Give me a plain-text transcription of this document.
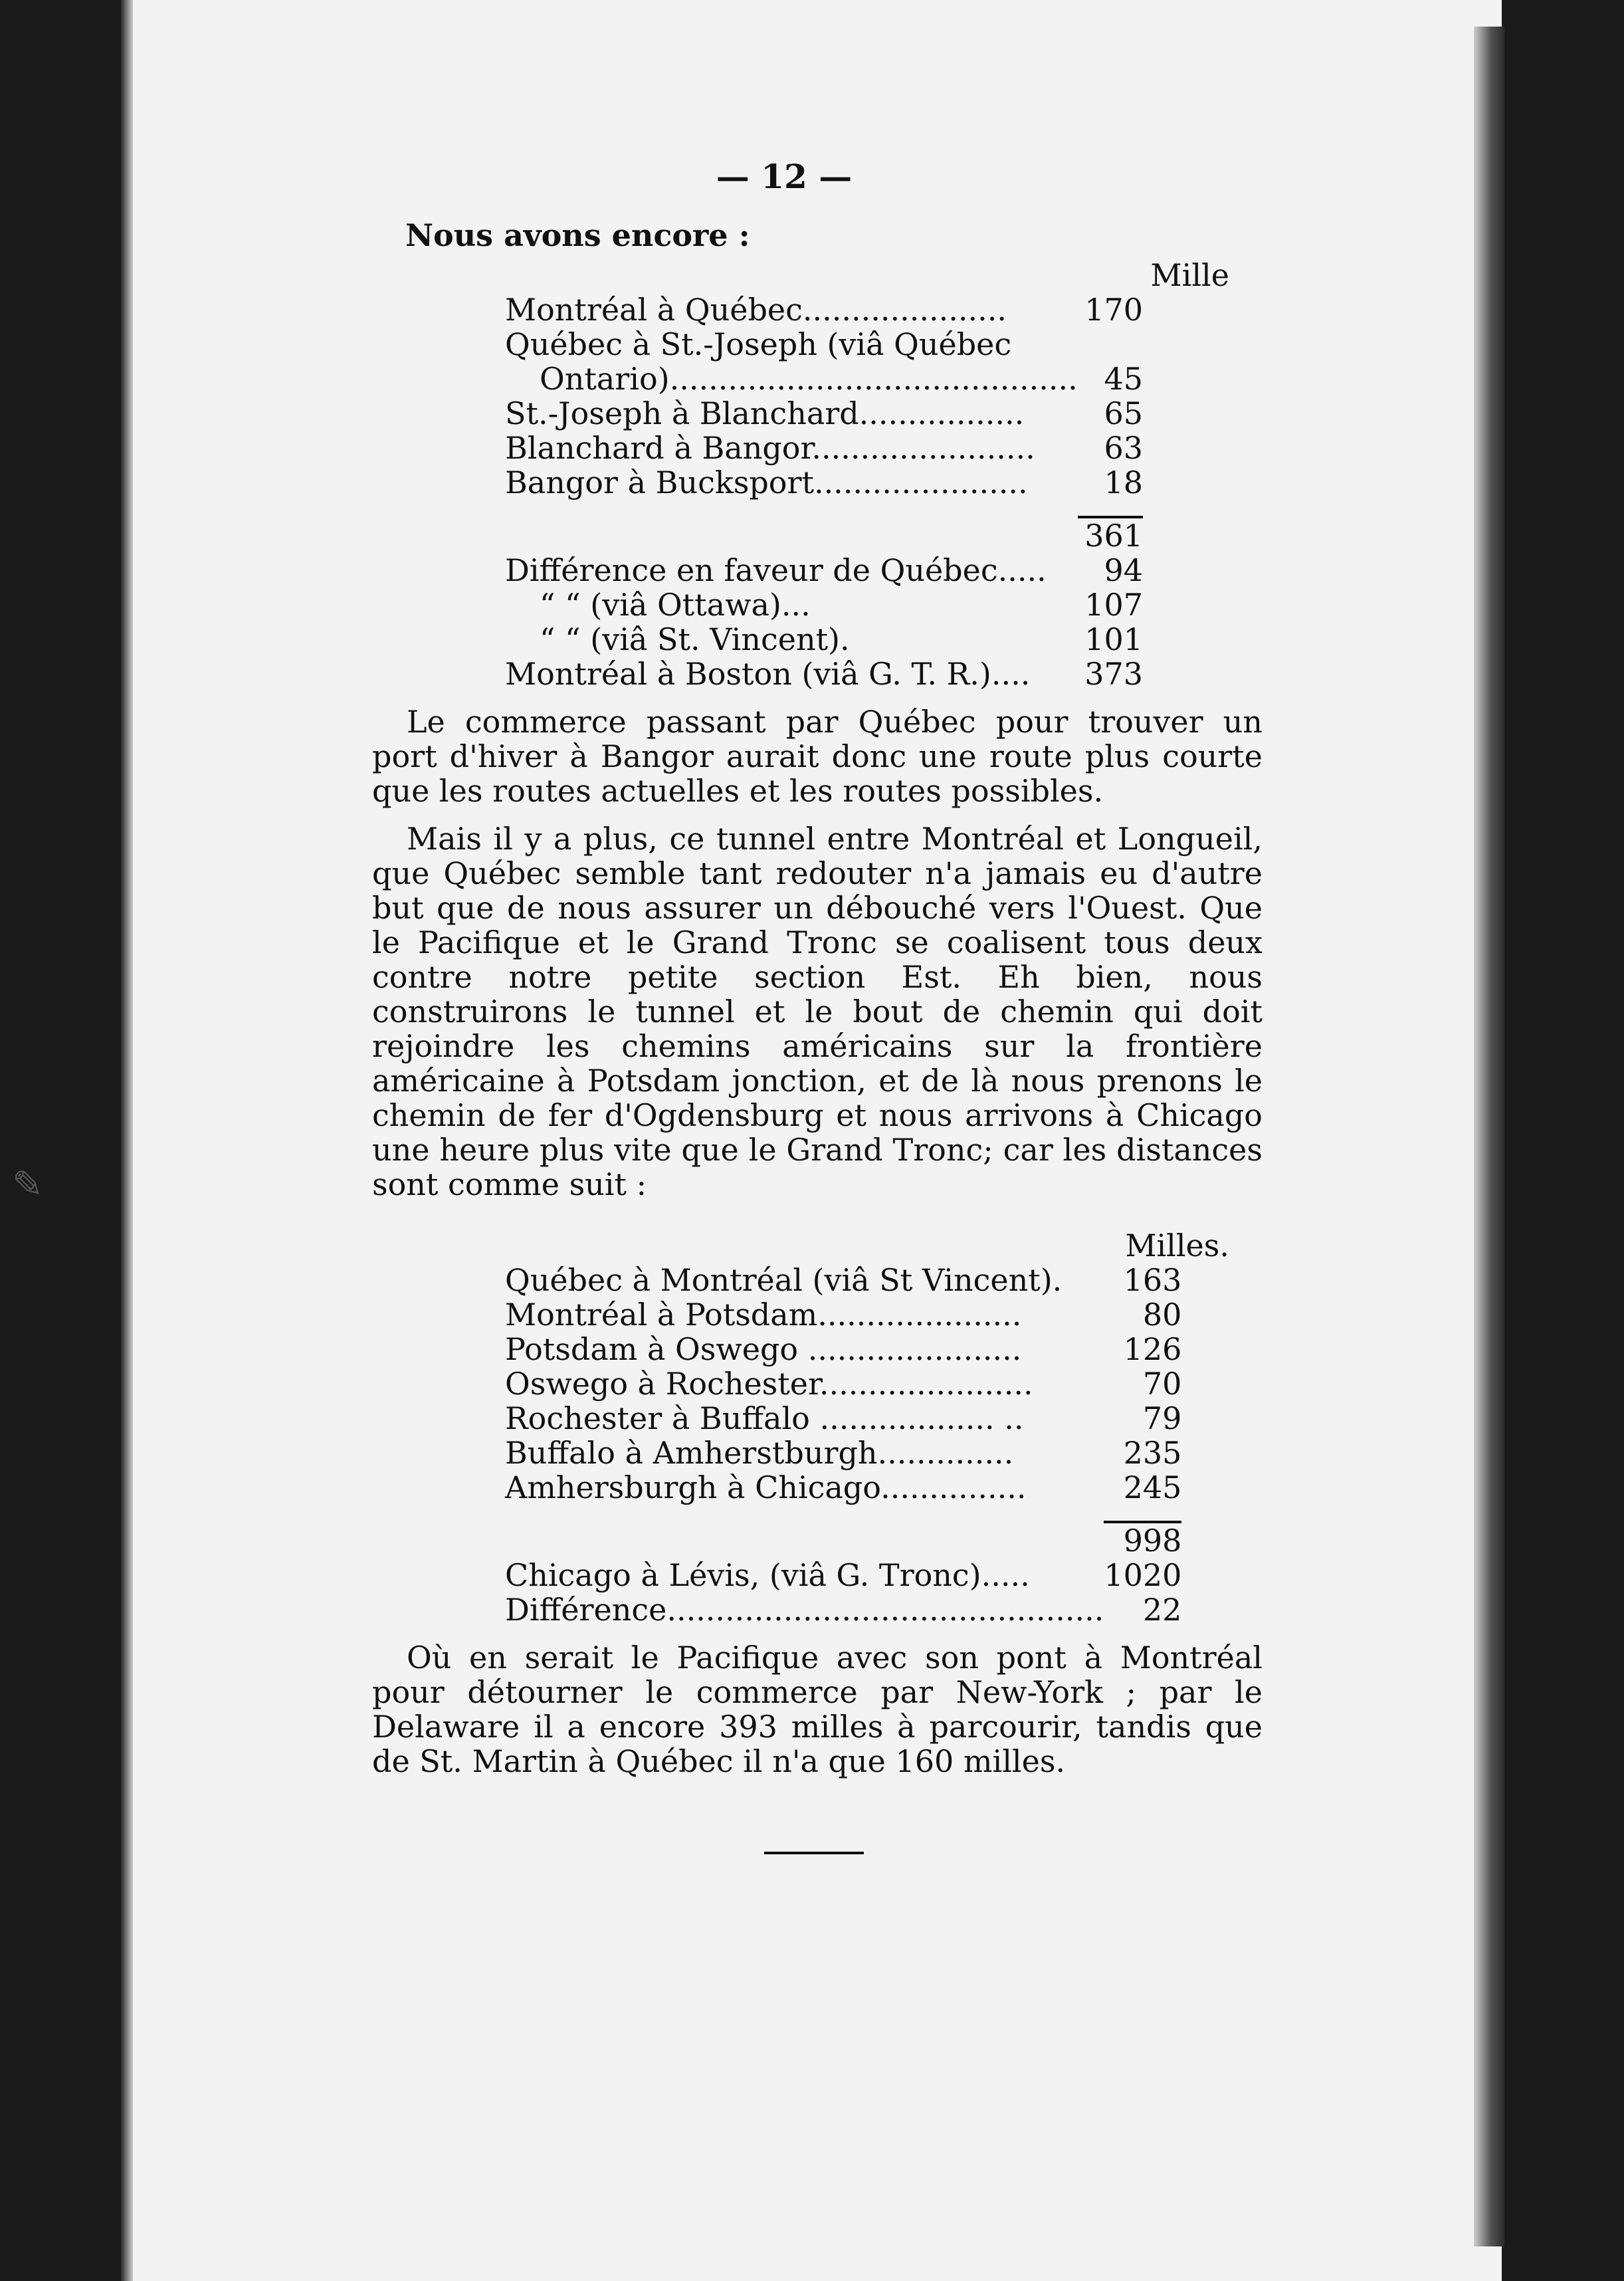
✎
— 12 —
Nous avons encore :
Mille
Montréal à Québec.....................	170
Québec à St.-Joseph (viâ Québec	
Ontario)..........................................	45
St.-Joseph à Blanchard.................	65
Blanchard à Bangor.......................	63
Bangor à Bucksport......................	18

	361
Différence en faveur de Québec.....	94
“ “ (viâ Ottawa)...	107
“ “ (viâ St. Vincent).	101
Montréal à Boston (viâ G. T. R.)....	373

Le commerce passant par Québec pour trouver un port d'hiver à Bangor aurait donc une route plus courte que les routes actuelles et les routes possibles.

Mais il y a plus, ce tunnel entre Montréal et Longueil, que Québec semble tant redouter n'a jamais eu d'autre but que de nous assurer un débouché vers l'Ouest. Que le Pacifique et le Grand Tronc se coalisent tous deux contre notre petite section Est. Eh bien, nous construirons le tunnel et le bout de chemin qui doit rejoindre les chemins américains sur la frontière américaine à Potsdam jonction, et de là nous prenons le chemin de fer d'Ogdensburg et nous arrivons à Chicago une heure plus vite que le Grand Tronc; car les distances sont comme suit :

Milles.
Québec à Montréal (viâ St Vincent).	163
Montréal à Potsdam.....................	80
Potsdam à Oswego ......................	126
Oswego à Rochester......................	70
Rochester à Buffalo .................. ..	79
Buffalo à Amherstburgh..............	235
Amhersburgh à Chicago...............	245

	998
Chicago à Lévis, (viâ G. Tronc).....	1020
Différence.............................................	22

Où en serait le Pacifique avec son pont à Montréal pour détourner le commerce par New-York ; par le Delaware il a encore 393 milles à parcourir, tandis que de St. Martin à Québec il n'a que 160 milles.
